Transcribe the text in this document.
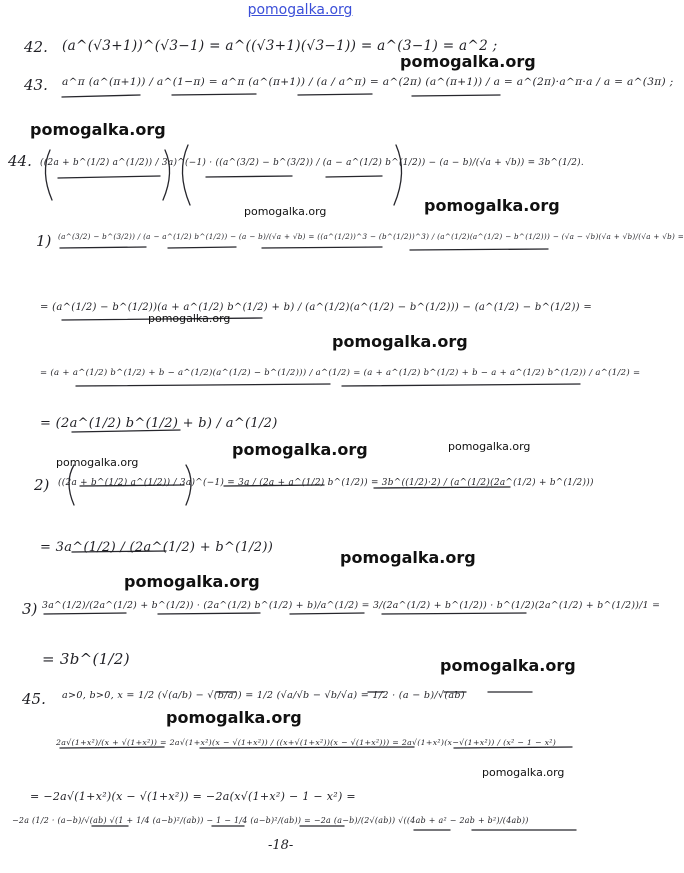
pomogalka.org
42.
43.
44.
45.
(a^(√3+1))^(√3−1) = a^((√3+1)(√3−1)) = a^(3−1) = a^2 ;
a^π (a^(π+1)) / a^(1−π) = a^π (a^(π+1)) / (a / a^π) = a^(2π) (a^(π+1)) / a = a^(2π)·a^π·a / a = a^(3π) ;
((2a + b^(1/2) a^(1/2)) / 3a)^(−1) · ((a^(3/2) − b^(3/2)) / (a − a^(1/2) b^(1/2)) − (a − b)/(√a + √b)) = 3b^(1/2).
1) (a^(3/2) − b^(3/2)) / (a − a^(1/2) b^(1/2)) − (a − b)/(√a + √b) = ((a^(1/2))^3 − (b^(1/2))^3) / (a^(1/2)(a^(1/2) − b^(1/2))) − (√a − √b)(√a + √b)/(√a + √b) =
= (a^(1/2) − b^(1/2))(a + a^(1/2) b^(1/2) + b) / (a^(1/2)(a^(1/2) − b^(1/2))) − (a^(1/2) − b^(1/2)) =
= (a + a^(1/2) b^(1/2) + b − a^(1/2)(a^(1/2) − b^(1/2))) / a^(1/2) = (a + a^(1/2) b^(1/2) + b − a + a^(1/2) b^(1/2)) / a^(1/2) =
= (2a^(1/2) b^(1/2) + b) / a^(1/2)
2) ((2a + b^(1/2) a^(1/2)) / 3a)^(−1) = 3a / (2a + a^(1/2) b^(1/2)) = 3b^((1/2)·2) / (a^(1/2)(2a^(1/2) + b^(1/2)))
= 3a^(1/2) / (2a^(1/2) + b^(1/2))
3) 3a^(1/2)/(2a^(1/2) + b^(1/2)) · (2a^(1/2) b^(1/2) + b)/a^(1/2) = 3/(2a^(1/2) + b^(1/2)) · b^(1/2)(2a^(1/2) + b^(1/2))/1 =
= 3b^(1/2)
a>0, b>0, x = 1/2 (√(a/b) − √(b/a)) = 1/2 (√a/√b − √b/√a) = 1/2 · (a − b)/√(ab)
2a√(1+x²)/(x + √(1+x²)) = 2a√(1+x²)(x − √(1+x²)) / ((x+√(1+x²))(x − √(1+x²))) = 2a√(1+x²)(x−√(1+x²)) / (x² − 1 − x²)
= −2a√(1+x²)(x − √(1+x²)) = −2a(x√(1+x²) − 1 − x²) =
−2a (1/2 · (a−b)/√(ab) √(1 + 1/4 (a−b)²/(ab)) − 1 − 1/4 (a−b)²/(ab)) = −2a (a−b)/(2√(ab)) √((4ab + a² − 2ab + b²)/(4ab))
-18-
pomogalka.org
pomogalka.org
pomogalka.org
pomogalka.org
pomogalka.org
pomogalka.org
pomogalka.org	pomogalka.org
pomogalka.org
pomogalka.org
pomogalka.org
pomogalka.org
pomogalka.org
pomogalka.org
